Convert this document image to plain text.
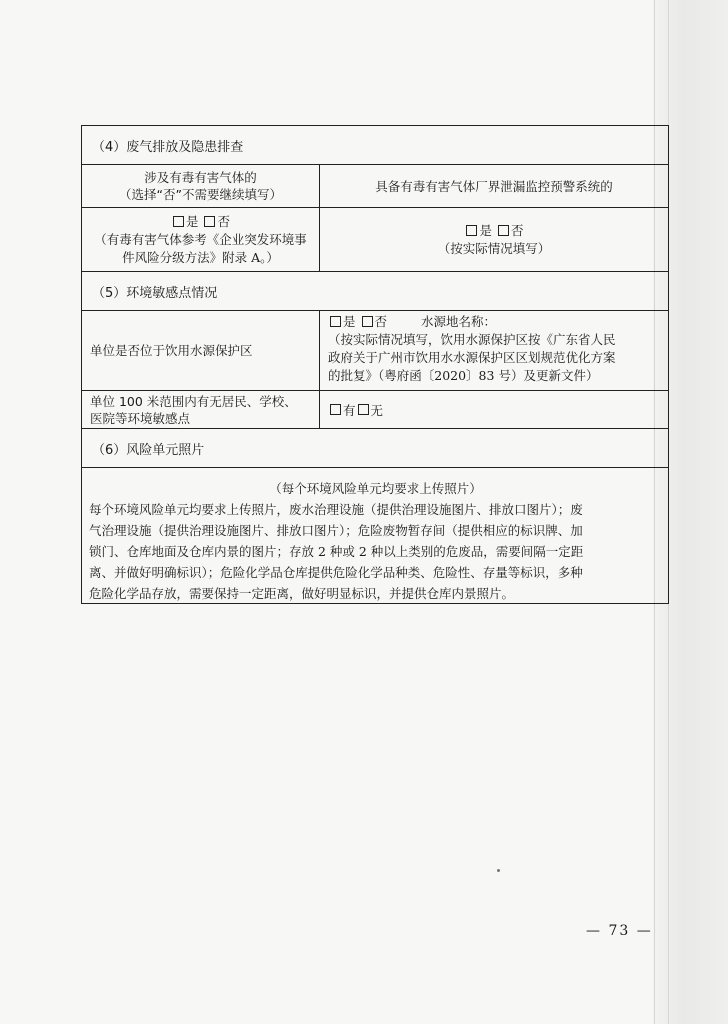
（4）废气排放及隐患排查
涉及有毒有害气体的
（选择“否”不需要继续填写）
具备有毒有害气体厂界泄漏监控预警系统的
是 否
（有毒有害气体参考《企业突发环境事
件风险分级方法》附录 A。）
是 否
（按实际情况填写）
（5）环境敏感点情况
单位是否位于饮用水源保护区
是 否	水源地名称：
（按实际情况填写，饮用水源保护区按《广东省人民
政府关于广州市饮用水水源保护区区划规范优化方案
的批复》（粤府函〔2020〕83 号）及更新文件）
单位 100 米范围内有无居民、学校、
医院等环境敏感点
有 无
（6）风险单元照片
（每个环境风险单元均要求上传照片）
每个环境风险单元均要求上传照片，废水治理设施（提供治理设施图片、排放口图片）；废
气治理设施（提供治理设施图片、排放口图片）；危险废物暂存间（提供相应的标识牌、加
锁门、仓库地面及仓库内景的图片；存放 2 种或 2 种以上类别的危废品，需要间隔一定距
离、并做好明确标识）；危险化学品仓库提供危险化学品种类、危险性、存量等标识，多种
危险化学品存放，需要保持一定距离，做好明显标识，并提供仓库内景照片。
— 73 —
